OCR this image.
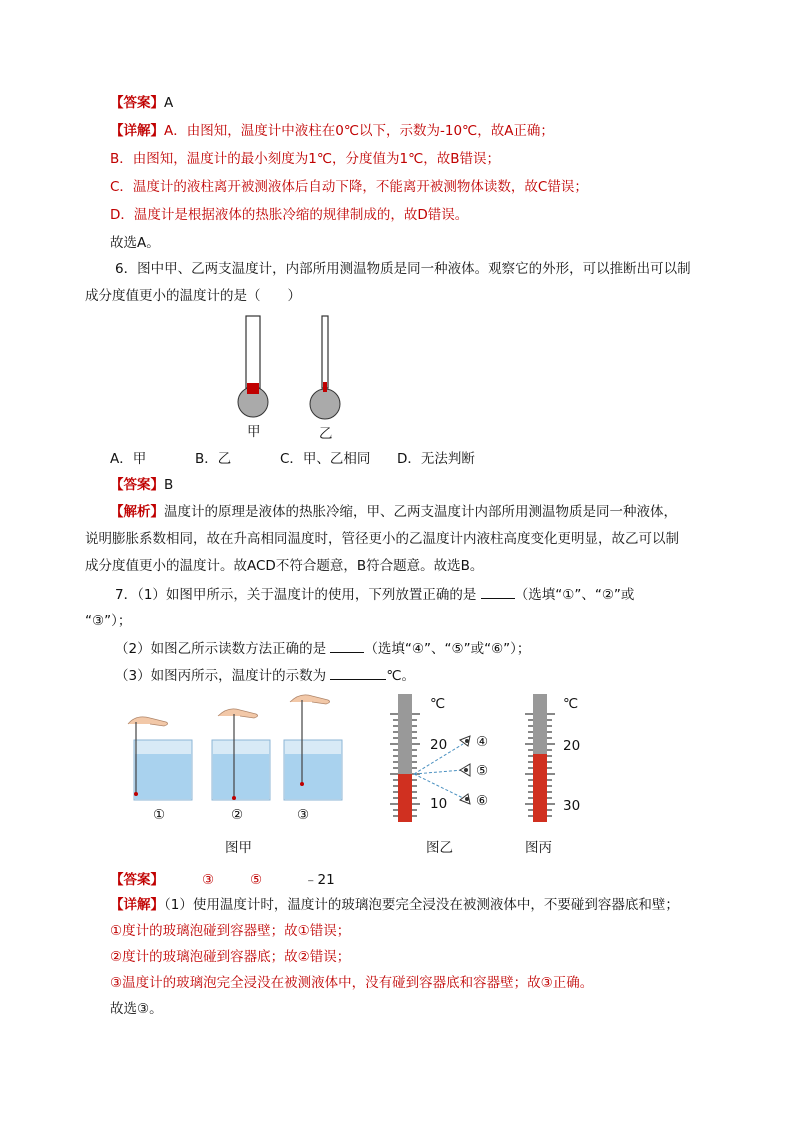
【答案】A
【详解】A．由图知，温度计中液柱在0℃以下，示数为-10℃，故A正确；
B．由图知，温度计的最小刻度为1℃，分度值为1℃，故B错误；
C．温度计的液柱离开被测液体后自动下降，不能离开被测物体读数，故C错误；
D．温度计是根据液体的热胀冷缩的规律制成的，故D错误。
故选A。
6．图中甲、乙两支温度计，内部所用测温物质是同一种液体。观察它的外形，可以推断出可以制
成分度值更小的温度计的是（　　）
甲	乙
A．甲	B．乙	C．甲、乙相同 D．无法判断
【答案】B
【解析】温度计的原理是液体的热胀冷缩，甲、乙两支温度计内部所用测温物质是同一种液体，
说明膨胀系数相同，故在升高相同温度时，管径更小的乙温度计内液柱高度变化更明显，故乙可以制
成分度值更小的温度计。故ACD不符合题意，B符合题意。故选B。
7．（1）如图甲所示，关于温度计的使用，下列放置正确的是	（选填“①”、“②”或
“③”）；
（2）如图乙所示读数方法正确的是	（选填“④”、“⑤”或“⑥”）；
（3）如图丙所示，温度计的示数为	℃。
①	②	③
图甲
℃
20
10
④
⑤
⑥
图乙
℃
20
30
图丙
【答案】	③	⑤	﹣21
【详解】（1）使用温度计时，温度计的玻璃泡要完全浸没在被测液体中，不要碰到容器底和壁；
①度计的玻璃泡碰到容器壁；故①错误；
②度计的玻璃泡碰到容器底；故②错误；
③温度计的玻璃泡完全浸没在被测液体中，没有碰到容器底和容器壁；故③正确。
故选③。
